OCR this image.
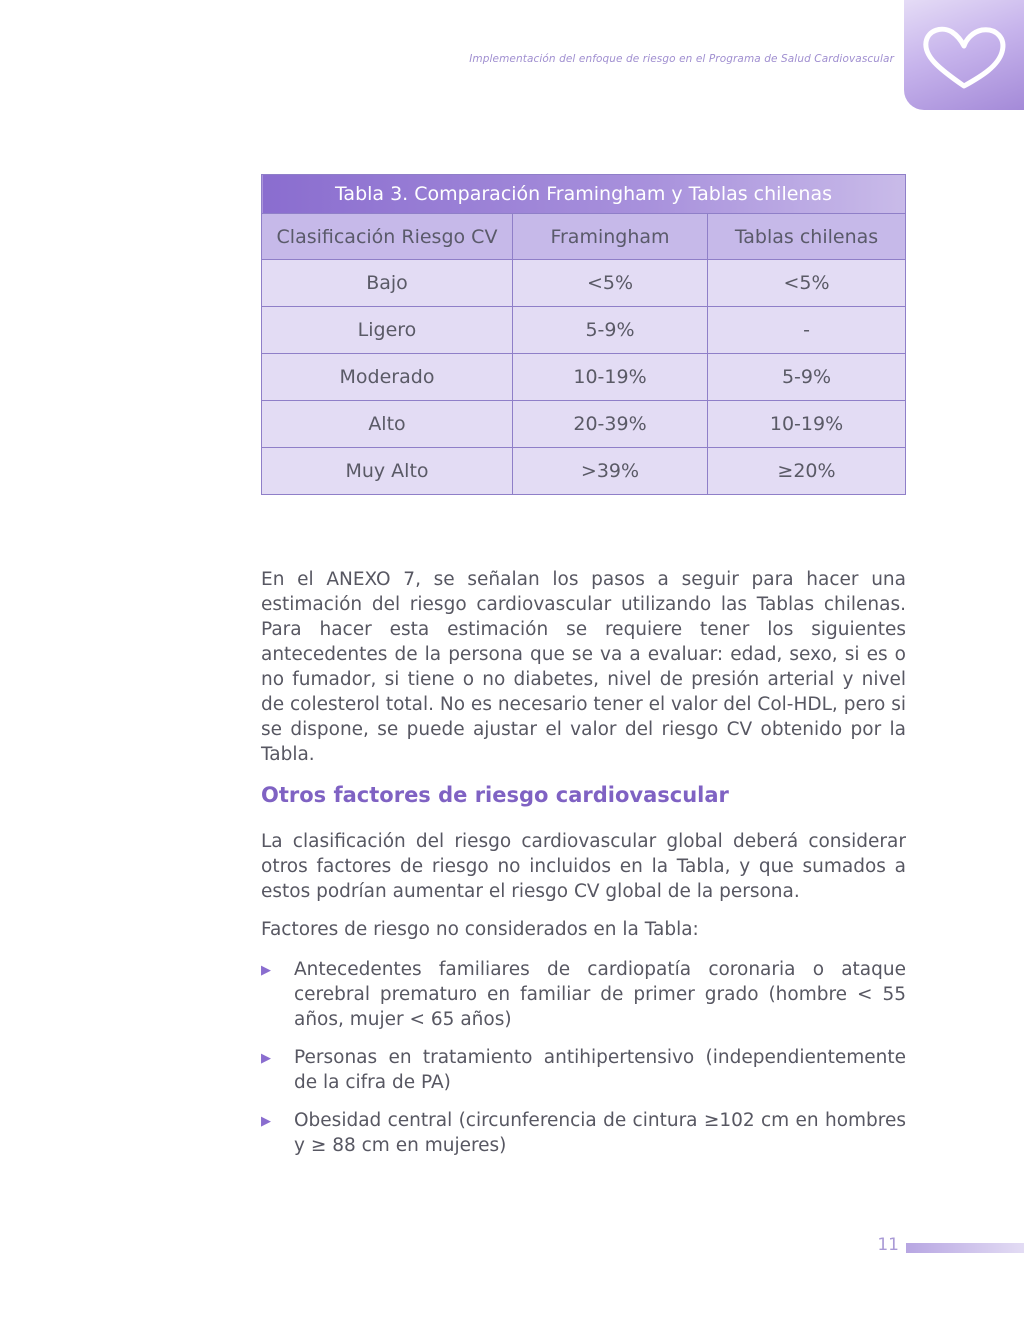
Implementación del enfoque de riesgo en el Programa de Salud Cardiovascular
Tabla 3. Comparación Framingham y Tablas chilenas		
Clasificación Riesgo CV	Framingham	Tablas chilenas
Bajo	<5%	<5%
Ligero	5-9%	-
Moderado	10-19%	5-9%
Alto	20-39%	10-19%
Muy Alto	>39%	≥20%

En el ANEXO 7, se señalan los pasos a seguir para hacer una estimación del riesgo cardiovascular utilizando las Tablas chilenas. Para hacer esta estimación se requiere tener los siguientes antecedentes de la persona que se va a evaluar: edad, sexo, si es o no fumador, si tiene o no diabetes, nivel de presión arterial y nivel de colesterol total. No es necesario tener el valor del Col-HDL, pero si se dispone, se puede ajustar el valor del riesgo CV obtenido por la Tabla.

Otros factores de riesgo cardiovascular

La clasificación del riesgo cardiovascular global deberá considerar otros factores de riesgo no incluidos en la Tabla, y que sumados a estos podrían aumentar el riesgo CV global de la persona.

Factores de riesgo no considerados en la Tabla:

▶ Antecedentes familiares de cardiopatía coronaria o ataque cerebral prematuro en familiar de primer grado (hombre < 55 años, mujer < 65 años)
▶ Personas en tratamiento antihipertensivo (independientemente de la cifra de PA)
▶ Obesidad central (circunferencia de cintura ≥102 cm en hombres y ≥ 88 cm en mujeres)
11
